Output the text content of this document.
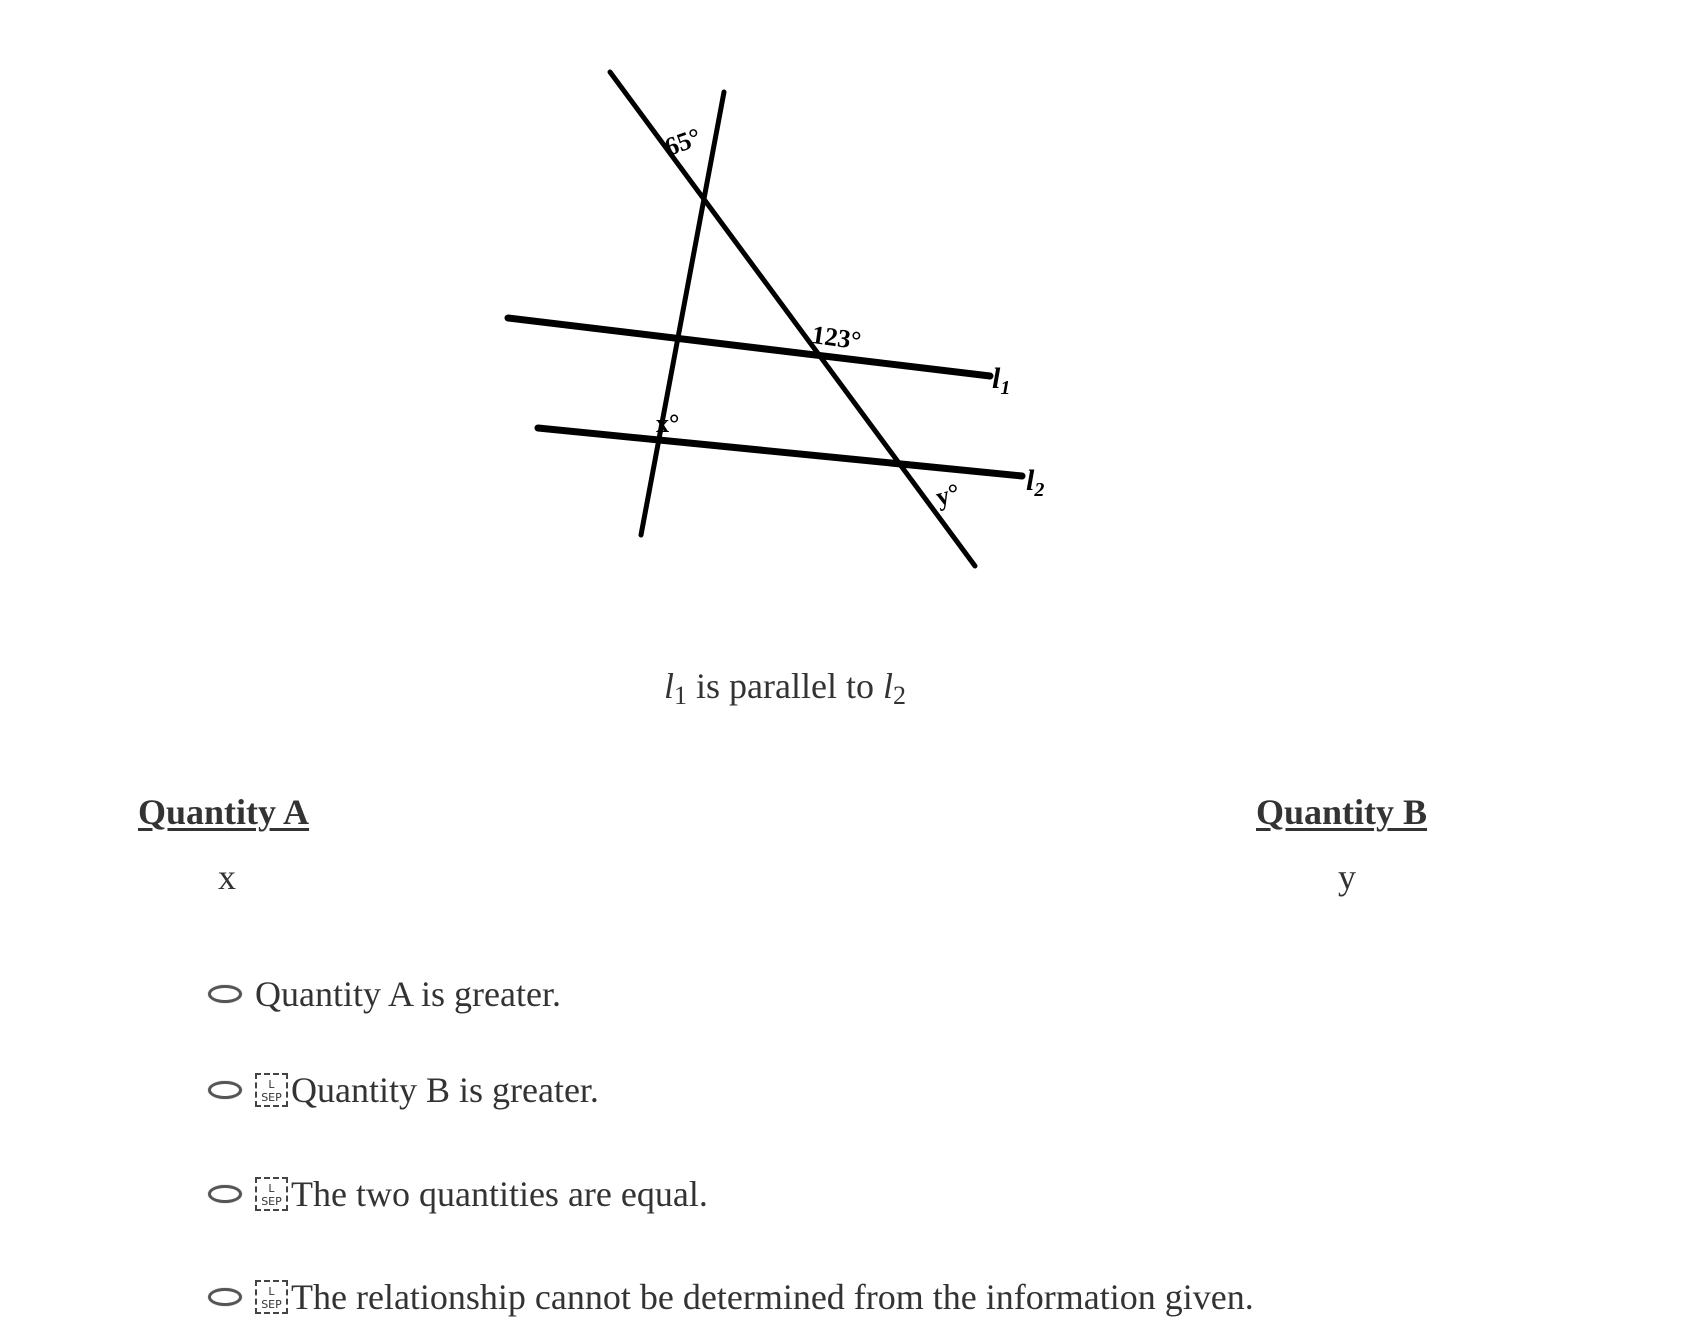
65°
123°
x°
y°
$l_1$
$l_2$
$l_1$ is parallel to $l_2$
Quantity A
x
Quantity B
y
Quantity A is greater.
L
SEP Quantity B is greater.
L
SEP The two quantities are equal.
L
SEP The relationship cannot be determined from the information given.
